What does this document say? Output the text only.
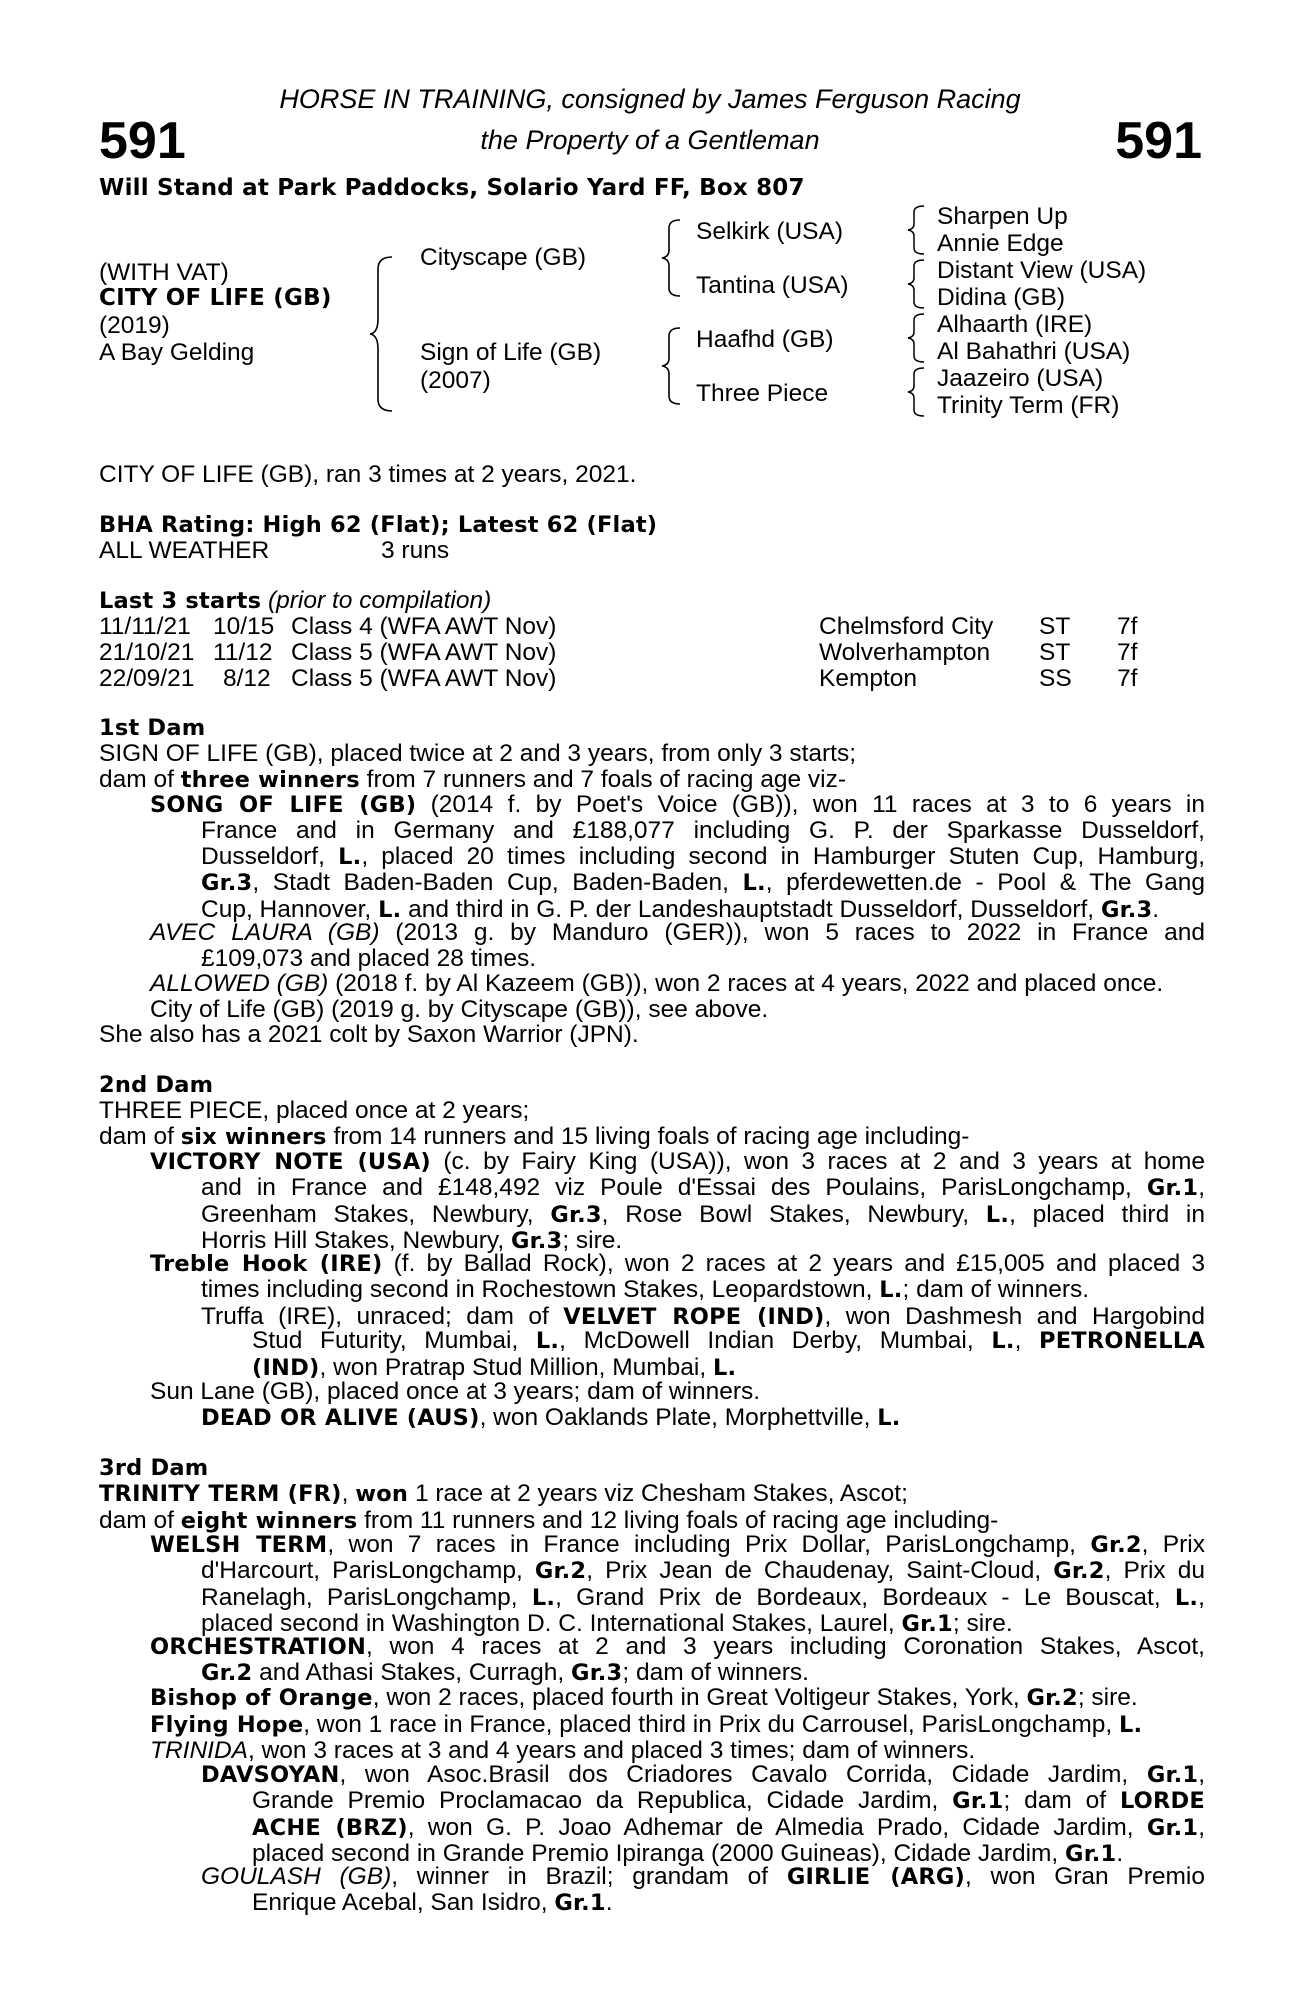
591	591
HORSE IN TRAINING, consigned by James Ferguson Racing
the Property of a Gentleman
Will Stand at Park Paddocks, Solario Yard FF, Box 807
(WITH VAT)
CITY OF LIFE (GB)
(2019)
A Bay Gelding
Cityscape (GB)
Sign of Life (GB)
(2007)
Selkirk (USA)
Tantina (USA)
Haafhd (GB)
Three Piece
Sharpen Up
Annie Edge
Distant View (USA)
Didina (GB)
Alhaarth (IRE)
Al Bahathri (USA)
Jaazeiro (USA)
Trinity Term (FR)
CITY OF LIFE (GB), ran 3 times at 2 years, 2021.
BHA Rating: High 62 (Flat); Latest 62 (Flat)
ALL WEATHER	3 runs
Last 3 starts (prior to compilation)
11/11/21 10/15 Class 4 (WFA AWT Nov)	Chelmsford City ST 7f
21/10/21 11/12 Class 5 (WFA AWT Nov)	Wolverhampton ST 7f
22/09/21 8/12 Class 5 (WFA AWT Nov)	Kempton	SS 7f
1st Dam
SIGN OF LIFE (GB), placed twice at 2 and 3 years, from only 3 starts;
dam of three winners from 7 runners and 7 foals of racing age viz-
SONG OF LIFE (GB) (2014 f. by Poet's Voice (GB)), won 11 races at 3 to 6 years in
France and in Germany and £188,077 including G. P. der Sparkasse Dusseldorf,
Dusseldorf, L., placed 20 times including second in Hamburger Stuten Cup, Hamburg,
Gr.3, Stadt Baden-Baden Cup, Baden-Baden, L., pferdewetten.de - Pool & The Gang
Cup, Hannover, L. and third in G. P. der Landeshauptstadt Dusseldorf, Dusseldorf, Gr.3.
AVEC LAURA (GB) (2013 g. by Manduro (GER)), won 5 races to 2022 in France and
£109,073 and placed 28 times.
ALLOWED (GB) (2018 f. by Al Kazeem (GB)), won 2 races at 4 years, 2022 and placed once.
City of Life (GB) (2019 g. by Cityscape (GB)), see above.
She also has a 2021 colt by Saxon Warrior (JPN).
2nd Dam
THREE PIECE, placed once at 2 years;
dam of six winners from 14 runners and 15 living foals of racing age including-
VICTORY NOTE (USA) (c. by Fairy King (USA)), won 3 races at 2 and 3 years at home
and in France and £148,492 viz Poule d'Essai des Poulains, ParisLongchamp, Gr.1,
Greenham Stakes, Newbury, Gr.3, Rose Bowl Stakes, Newbury, L., placed third in
Horris Hill Stakes, Newbury, Gr.3; sire.
Treble Hook (IRE) (f. by Ballad Rock), won 2 races at 2 years and £15,005 and placed 3
times including second in Rochestown Stakes, Leopardstown, L.; dam of winners.
Truffa (IRE), unraced; dam of VELVET ROPE (IND), won Dashmesh and Hargobind
Stud Futurity, Mumbai, L., McDowell Indian Derby, Mumbai, L., PETRONELLA
(IND), won Pratrap Stud Million, Mumbai, L.
Sun Lane (GB), placed once at 3 years; dam of winners.
DEAD OR ALIVE (AUS), won Oaklands Plate, Morphettville, L.
3rd Dam
TRINITY TERM (FR), won 1 race at 2 years viz Chesham Stakes, Ascot;
dam of eight winners from 11 runners and 12 living foals of racing age including-
WELSH TERM, won 7 races in France including Prix Dollar, ParisLongchamp, Gr.2, Prix
d'Harcourt, ParisLongchamp, Gr.2, Prix Jean de Chaudenay, Saint-Cloud, Gr.2, Prix du
Ranelagh, ParisLongchamp, L., Grand Prix de Bordeaux, Bordeaux - Le Bouscat, L.,
placed second in Washington D. C. International Stakes, Laurel, Gr.1; sire.
ORCHESTRATION, won 4 races at 2 and 3 years including Coronation Stakes, Ascot,
Gr.2 and Athasi Stakes, Curragh, Gr.3; dam of winners.
Bishop of Orange, won 2 races, placed fourth in Great Voltigeur Stakes, York, Gr.2; sire.
Flying Hope, won 1 race in France, placed third in Prix du Carrousel, ParisLongchamp, L.
TRINIDA, won 3 races at 3 and 4 years and placed 3 times; dam of winners.
DAVSOYAN, won Asoc.Brasil dos Criadores Cavalo Corrida, Cidade Jardim, Gr.1,
Grande Premio Proclamacao da Republica, Cidade Jardim, Gr.1; dam of LORDE
ACHE (BRZ), won G. P. Joao Adhemar de Almedia Prado, Cidade Jardim, Gr.1,
placed second in Grande Premio Ipiranga (2000 Guineas), Cidade Jardim, Gr.1.
GOULASH (GB), winner in Brazil; grandam of GIRLIE (ARG), won Gran Premio
Enrique Acebal, San Isidro, Gr.1.
